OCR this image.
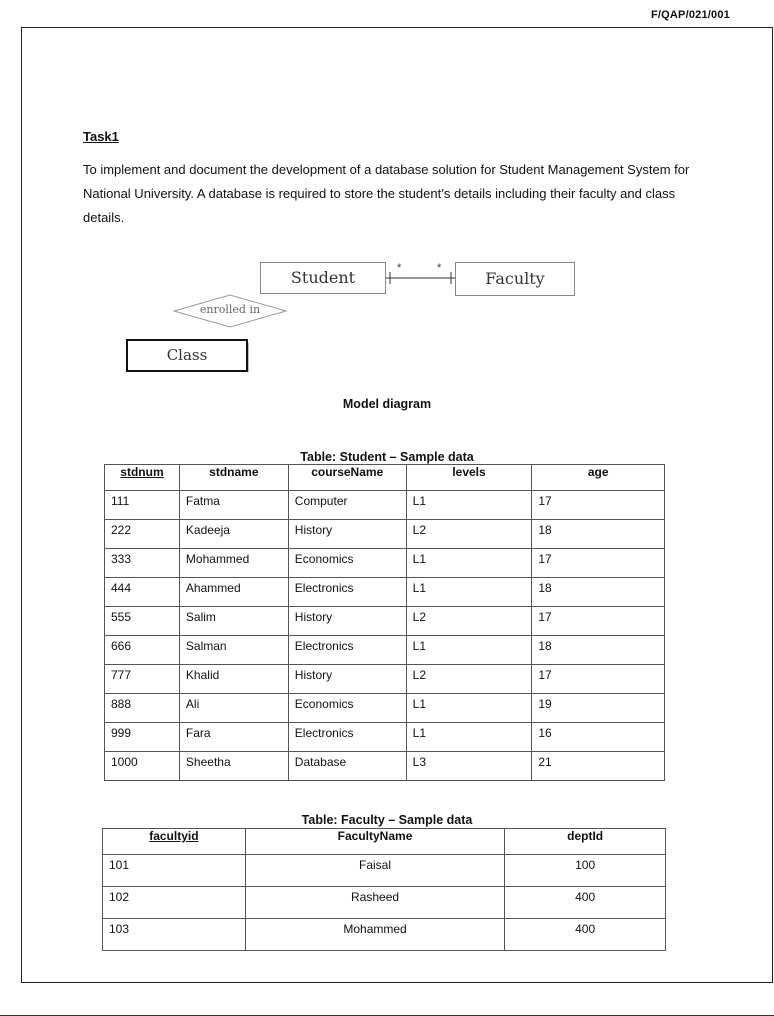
F/QAP/021/001
Task1
To implement and document the development of a database solution for Student Management System for National University. A database is required to store the student’s details including their faculty and class details.
Student	Faculty
Class
enrolled in
*	*
Model diagram
Table: Student – Sample data
stdnum	stdname	courseName	levels	age
111	Fatma	Computer	L1	17
222	Kadeeja	History	L2	18
333	Mohammed	Economics	L1	17
444	Ahammed	Electronics	L1	18
555	Salim	History	L2	17
666	Salman	Electronics	L1	18
777	Khalid	History	L2	17
888	Ali	Economics	L1	19
999	Fara	Electronics	L1	16
1000	Sheetha	Database	L3	21
Table: Faculty – Sample data
facultyid	FacultyName	deptId
101	Faisal	100
102	Rasheed	400
103	Mohammed	400
